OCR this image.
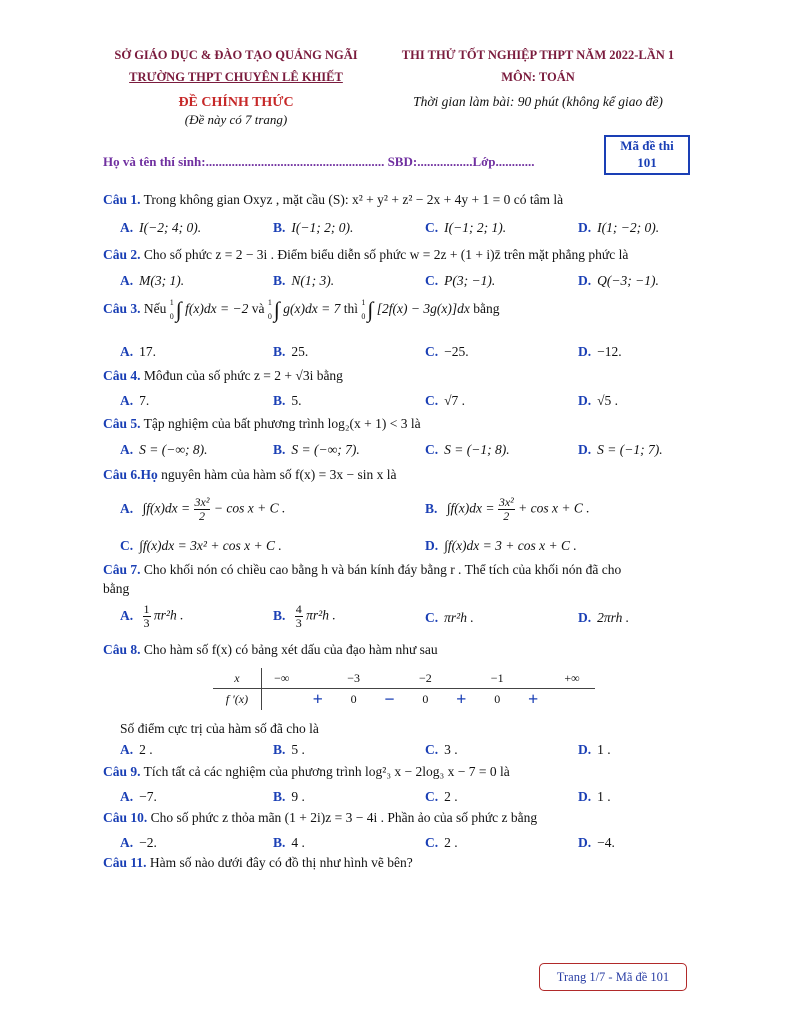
SỞ GIÁO DỤC & ĐÀO TẠO QUẢNG NGÃI
TRƯỜNG THPT CHUYÊN LÊ KHIẾT
ĐỀ CHÍNH THỨC
(Đề này có 7 trang)
THI THỬ TỐT NGHIỆP THPT NĂM 2022-LẦN 1
MÔN: TOÁN
Thời gian làm bài: 90 phút (không kể giao đề)
Họ và tên thí sinh:....................................................... SBD:.................Lớp............
Mã đề thi
101
Câu 1. Trong không gian Oxyz , mặt cầu (S): x² + y² + z² − 2x + 4y + 1 = 0 có tâm là
A. I(−2; 4; 0).	B. I(−1; 2; 0).	C. I(−1; 2; 1).	D. I(1; −2; 0).
Câu 2. Cho số phức z = 2 − 3i . Điểm biểu diễn số phức w = 2z + (1 + i)z̄ trên mặt phẳng phức là
A. M(3; 1).	B. N(1; 3).	C. P(3; −1).	D. Q(−3; −1).
Câu 3. Nếu 1
0 ∫ f(x)dx = −2 và 1
0 ∫ g(x)dx = 7 thì 1
0 ∫ [2f(x) − 3g(x)]dx bằng
A. 17.	B. 25.	C. −25.	D. −12.
Câu 4. Môđun của số phức z = 2 + √3i bằng
A. 7.	B. 5.	C. √7 .	D. √5 .
Câu 5. Tập nghiệm của bất phương trình log₂(x + 1) < 3 là
A. S = (−∞; 8).	B. S = (−∞; 7).	C. S = (−1; 8).	D. S = (−1; 7).
Câu 6.Họ nguyên hàm của hàm số f(x) = 3x − sin x là
A. $\int f(x)dx = \frac{\text{3x²}}{2} - \cos x + C$ .	B. $\int f(x)dx = \frac{\text{3x²}}{2} + \cos x + C$ .
C. ∫f(x)dx = 3x² + cos x + C .	D. ∫f(x)dx = 3 + cos x + C .
Câu 7. Cho khối nón có chiều cao bằng h và bán kính đáy bằng r . Thể tích của khối nón đã cho
bằng
A. $\frac{1}{3} \pi r^2h$ .	B. $\frac{4}{3} \pi r^2h$ .	C. πr²h .	D. 2πrh .
Câu 8. Cho hàm số f(x) có bảng xét dấu của đạo hàm như sau
x	−∞		−3		−2		−1		+∞
f ′(x)		+	0	−	0	+	0	+	
Số điểm cực trị của hàm số đã cho là
A. 2 .	B. 5 .	C. 3 .	D. 1 .
Câu 9. Tích tất cả các nghiệm của phương trình log²₃ x − 2log₃ x − 7 = 0 là
A. −7.	B. 9 .	C. 2 .	D. 1 .
Câu 10. Cho số phức z thỏa mãn (1 + 2i)z = 3 − 4i . Phần ảo của số phức z bằng
A. −2.	B. 4 .	C. 2 .	D. −4.
Câu 11. Hàm số nào dưới đây có đồ thị như hình vẽ bên?
Trang 1/7 - Mã đề 101
